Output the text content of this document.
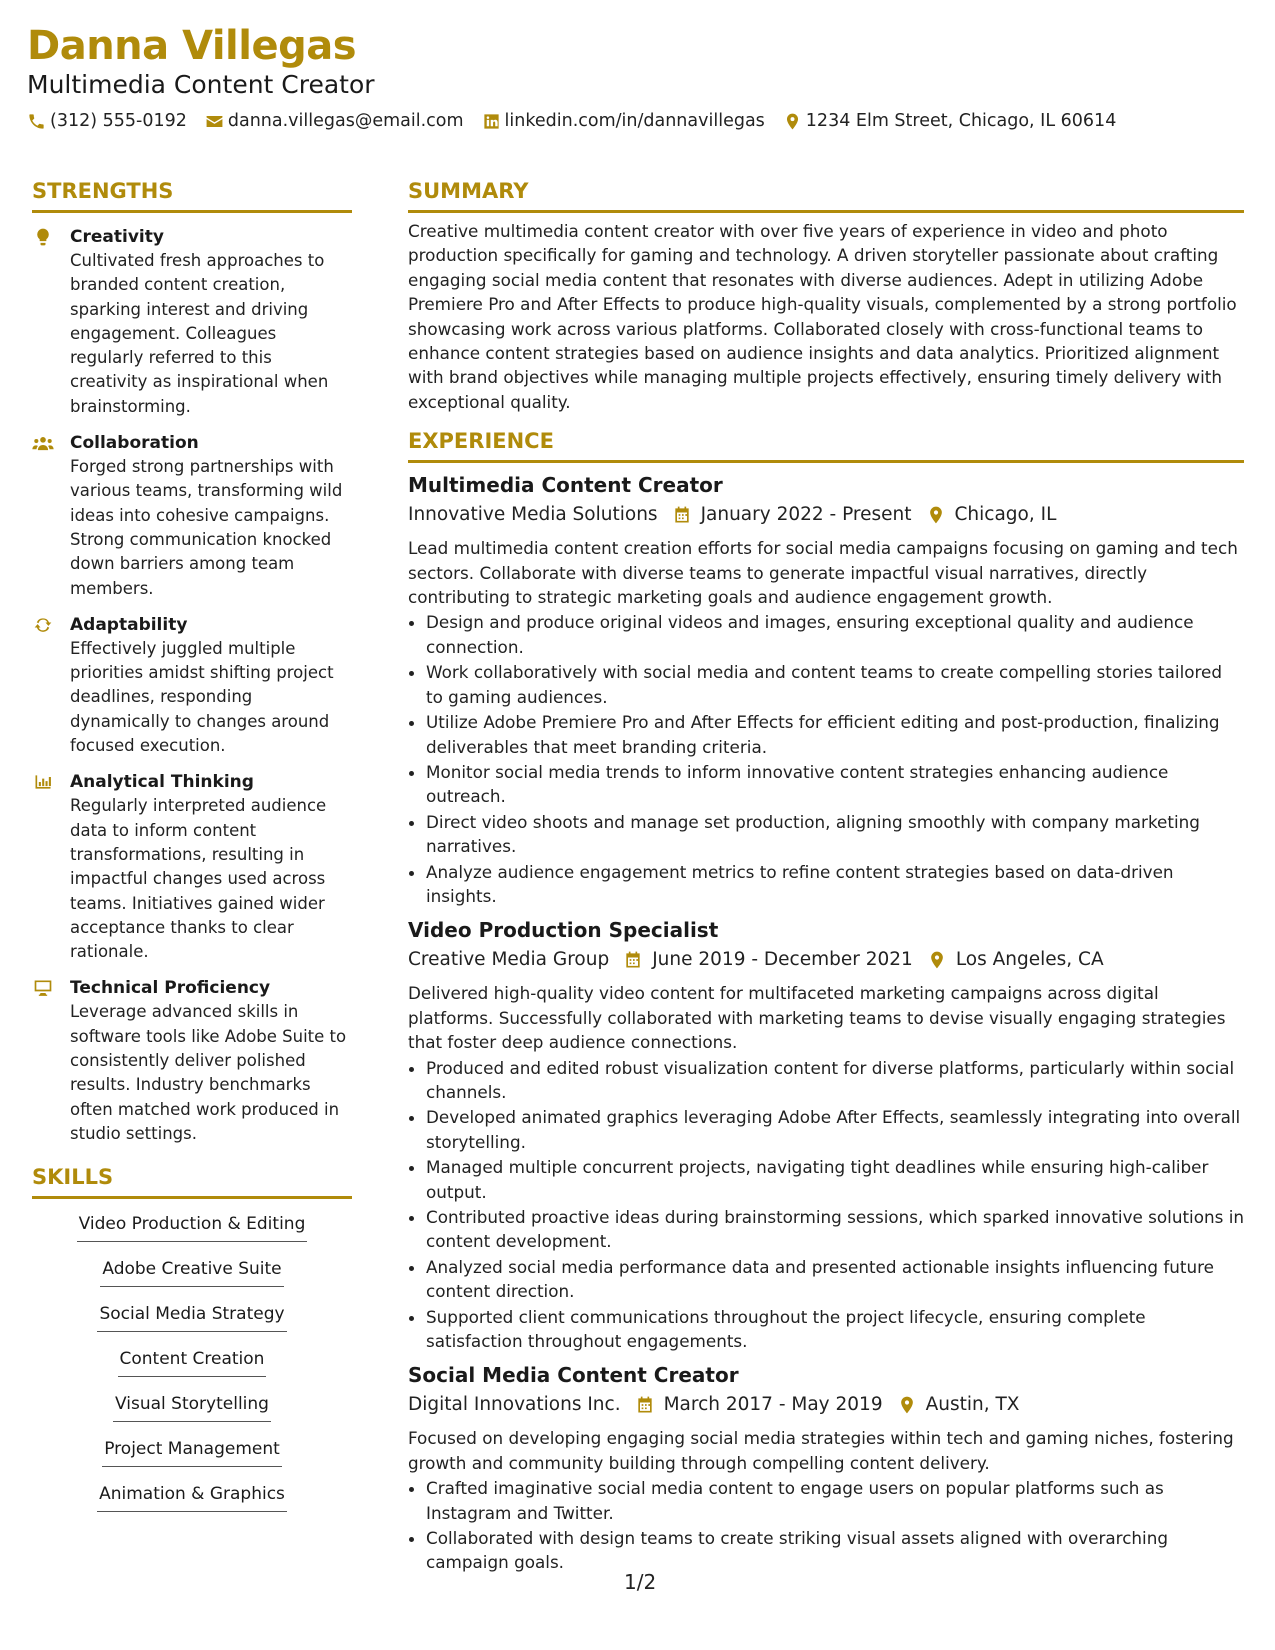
Danna Villegas
Multimedia Content Creator
(312) 555-0192 danna.villegas@email.com linkedin.com/in/dannavillegas 1234 Elm Street, Chicago, IL 60614
STRENGTHS
Creativity
Cultivated fresh approaches to branded content creation, sparking interest and driving engagement. Colleagues regularly referred to this creativity as inspirational when brainstorming.
Collaboration
Forged strong partnerships with various teams, transforming wild ideas into cohesive campaigns. Strong communication knocked down barriers among team members.
Adaptability
Effectively juggled multiple priorities amidst shifting project deadlines, responding dynamically to changes around focused execution.
Analytical Thinking
Regularly interpreted audience data to inform content transformations, resulting in impactful changes used across teams. Initiatives gained wider acceptance thanks to clear rationale.
Technical Proficiency
Leverage advanced skills in software tools like Adobe Suite to consistently deliver polished results. Industry benchmarks often matched work produced in studio settings.
SKILLS
Video Production & Editing
Adobe Creative Suite
Social Media Strategy
Content Creation
Visual Storytelling
Project Management
Animation & Graphics
SUMMARY
Creative multimedia content creator with over five years of experience in video and photo production specifically for gaming and technology. A driven storyteller passionate about crafting engaging social media content that resonates with diverse audiences. Adept in utilizing Adobe Premiere Pro and After Effects to produce high-quality visuals, complemented by a strong portfolio showcasing work across various platforms. Collaborated closely with cross-functional teams to enhance content strategies based on audience insights and data analytics. Prioritized alignment with brand objectives while managing multiple projects effectively, ensuring timely delivery with exceptional quality.
EXPERIENCE
Multimedia Content Creator
Innovative Media Solutions January 2022 - Present Chicago, IL
Lead multimedia content creation efforts for social media campaigns focusing on gaming and tech sectors. Collaborate with diverse teams to generate impactful visual narratives, directly contributing to strategic marketing goals and audience engagement growth.
• Design and produce original videos and images, ensuring exceptional quality and audience connection.
• Work collaboratively with social media and content teams to create compelling stories tailored to gaming audiences.
• Utilize Adobe Premiere Pro and After Effects for efficient editing and post-production, finalizing deliverables that meet branding criteria.
• Monitor social media trends to inform innovative content strategies enhancing audience outreach.
• Direct video shoots and manage set production, aligning smoothly with company marketing narratives.
• Analyze audience engagement metrics to refine content strategies based on data-driven insights.
Video Production Specialist
Creative Media Group June 2019 - December 2021 Los Angeles, CA
Delivered high-quality video content for multifaceted marketing campaigns across digital platforms. Successfully collaborated with marketing teams to devise visually engaging strategies that foster deep audience connections.
• Produced and edited robust visualization content for diverse platforms, particularly within social channels.
• Developed animated graphics leveraging Adobe After Effects, seamlessly integrating into overall storytelling.
• Managed multiple concurrent projects, navigating tight deadlines while ensuring high-caliber output.
• Contributed proactive ideas during brainstorming sessions, which sparked innovative solutions in content development.
• Analyzed social media performance data and presented actionable insights influencing future content direction.
• Supported client communications throughout the project lifecycle, ensuring complete satisfaction throughout engagements.
Social Media Content Creator
Digital Innovations Inc. March 2017 - May 2019 Austin, TX
Focused on developing engaging social media strategies within tech and gaming niches, fostering growth and community building through compelling content delivery.
• Crafted imaginative social media content to engage users on popular platforms such as Instagram and Twitter.
• Collaborated with design teams to create striking visual assets aligned with overarching campaign goals.
1/2
